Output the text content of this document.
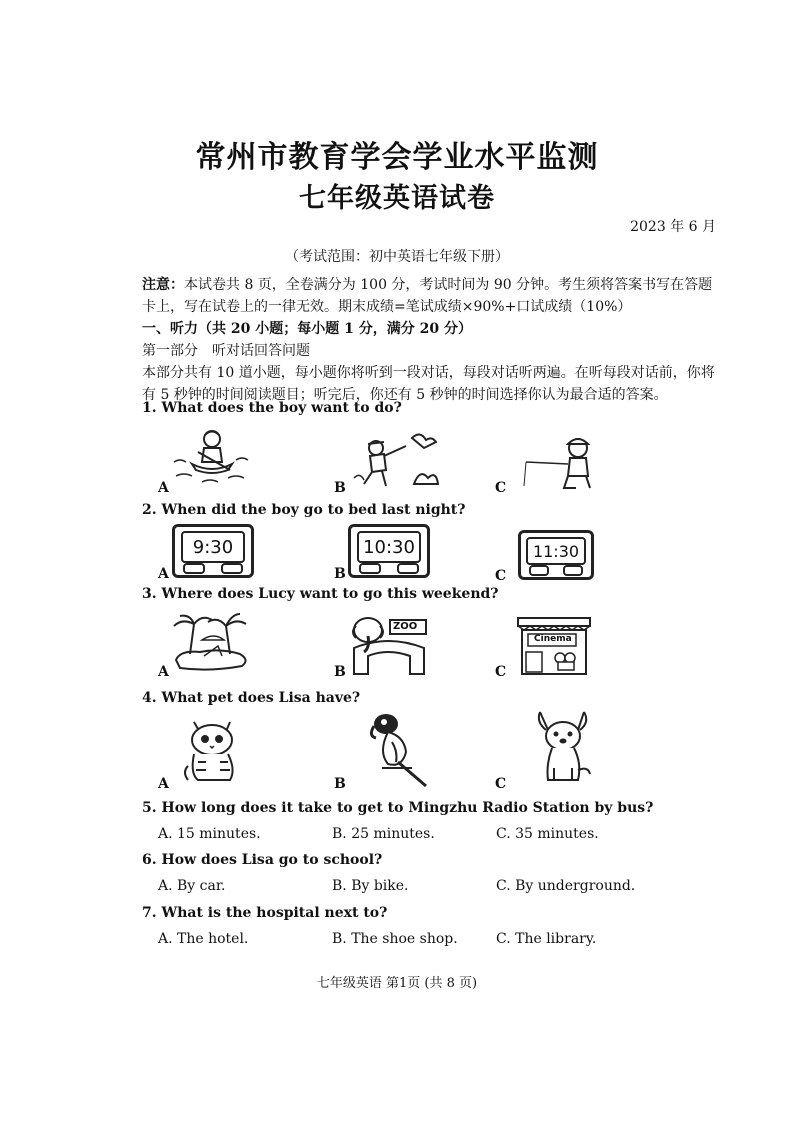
常州市教育学会学业水平监测
七年级英语试卷
2023 年 6 月
（考试范围：初中英语七年级下册）
注意：本试卷共 8 页，全卷满分为 100 分，考试时间为 90 分钟。考生须将答案书写在答题卡上，写在试卷上的一律无效。期末成绩=笔试成绩×90%+口试成绩（10%）
一、听力（共 20 小题；每小题 1 分，满分 20 分）
第一部分　听对话回答问题
本部分共有 10 道小题，每小题你将听到一段对话，每段对话听两遍。在听每段对话前，你将有 5 秒钟的时间阅读题目；听完后，你还有 5 秒钟的时间选择你认为最合适的答案。
1. What does the boy want to do?
A	B	C
2. When did the boy go to bed last night?
9:30
A
10:30
B
11:30
C
3. Where does Lucy want to go this weekend?
A
ZOO
B
Cinema
C
4. What pet does Lisa have?
A	B	C
5. How long does it take to get to Mingzhu Radio Station by bus?
A. 15 minutes.	B. 25 minutes.	C. 35 minutes.
6. How does Lisa go to school?
A. By car.	B. By bike.	C. By underground.
7. What is the hospital next to?
A. The hotel.	B. The shoe shop.	C. The library.
七年级英语 第1页 (共 8 页)
